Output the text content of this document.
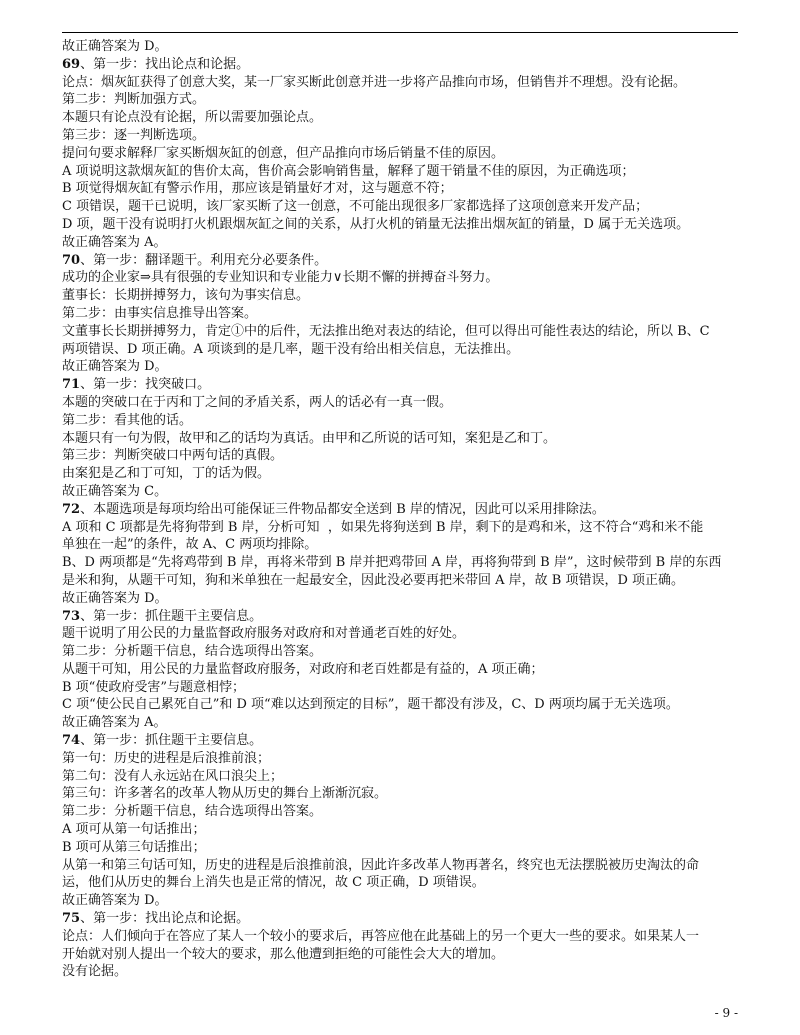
故正确答案为 D。
69、第一步：找出论点和论据。
论点：烟灰缸获得了创意大奖，某一厂家买断此创意并进一步将产品推向市场，但销售并不理想。没有论据。
第二步：判断加强方式。
本题只有论点没有论据，所以需要加强论点。
第三步：逐一判断选项。
提问句要求解释厂家买断烟灰缸的创意，但产品推向市场后销量不佳的原因。
A 项说明这款烟灰缸的售价太高，售价高会影响销售量，解释了题干销量不佳的原因，为正确选项；
B 项觉得烟灰缸有警示作用，那应该是销量好才对，这与题意不符；
C 项错误，题干已说明，该厂家买断了这一创意，不可能出现很多厂家都选择了这项创意来开发产品；
D 项，题干没有说明打火机跟烟灰缸之间的关系，从打火机的销量无法推出烟灰缸的销量，D 属于无关选项。
故正确答案为 A。
70、第一步：翻译题干。利用充分必要条件。
成功的企业家⇒具有很强的专业知识和专业能力∨长期不懈的拼搏奋斗努力。
董事长：长期拼搏努力，该句为事实信息。
第二步：由事实信息推导出答案。
文董事长长期拼搏努力，肯定①中的后件，无法推出绝对表达的结论，但可以得出可能性表达的结论，所以 B、C
两项错误、D 项正确。A 项谈到的是几率，题干没有给出相关信息，无法推出。
故正确答案为 D。
71、第一步：找突破口。
本题的突破口在于丙和丁之间的矛盾关系，两人的话必有一真一假。
第二步：看其他的话。
本题只有一句为假，故甲和乙的话均为真话。由甲和乙所说的话可知，案犯是乙和丁。
第三步：判断突破口中两句话的真假。
由案犯是乙和丁可知，丁的话为假。
故正确答案为 C。
72、本题选项是每项均给出可能保证三件物品都安全送到 B 岸的情况，因此可以采用排除法。
A 项和 C 项都是先将狗带到 B 岸，分析可知  ，如果先将狗送到 B 岸，剩下的是鸡和米，这不符合“鸡和米不能
单独在一起”的条件，故 A、C 两项均排除。
B、D 两项都是“先将鸡带到 B 岸，再将米带到 B 岸并把鸡带回 A 岸，再将狗带到 B 岸”，这时候带到 B 岸的东西
是米和狗，从题干可知，狗和米单独在一起最安全，因此没必要再把米带回 A 岸，故 B 项错误，D 项正确。
故正确答案为 D。
73、第一步：抓住题干主要信息。
题干说明了用公民的力量监督政府服务对政府和对普通老百姓的好处。
第二步：分析题干信息，结合选项得出答案。
从题干可知，用公民的力量监督政府服务，对政府和老百姓都是有益的，A 项正确；
B 项“使政府受害”与题意相悖；
C 项“使公民自己累死自己”和 D 项“难以达到预定的目标”，题干都没有涉及，C、D 两项均属于无关选项。
故正确答案为 A。
74、第一步：抓住题干主要信息。
第一句：历史的进程是后浪推前浪；
第二句：没有人永远站在风口浪尖上；
第三句：许多著名的改革人物从历史的舞台上渐渐沉寂。
第二步：分析题干信息，结合选项得出答案。
A 项可从第一句话推出；
B 项可从第三句话推出；
从第一和第三句话可知，历史的进程是后浪推前浪，因此许多改革人物再著名，终究也无法摆脱被历史淘汰的命
运，他们从历史的舞台上消失也是正常的情况，故 C 项正确，D 项错误。
故正确答案为 D。
75、第一步：找出论点和论据。
论点：人们倾向于在答应了某人一个较小的要求后，再答应他在此基础上的另一个更大一些的要求。如果某人一
开始就对别人提出一个较大的要求，那么他遭到拒绝的可能性会大大的增加。
没有论据。
- 9 -
